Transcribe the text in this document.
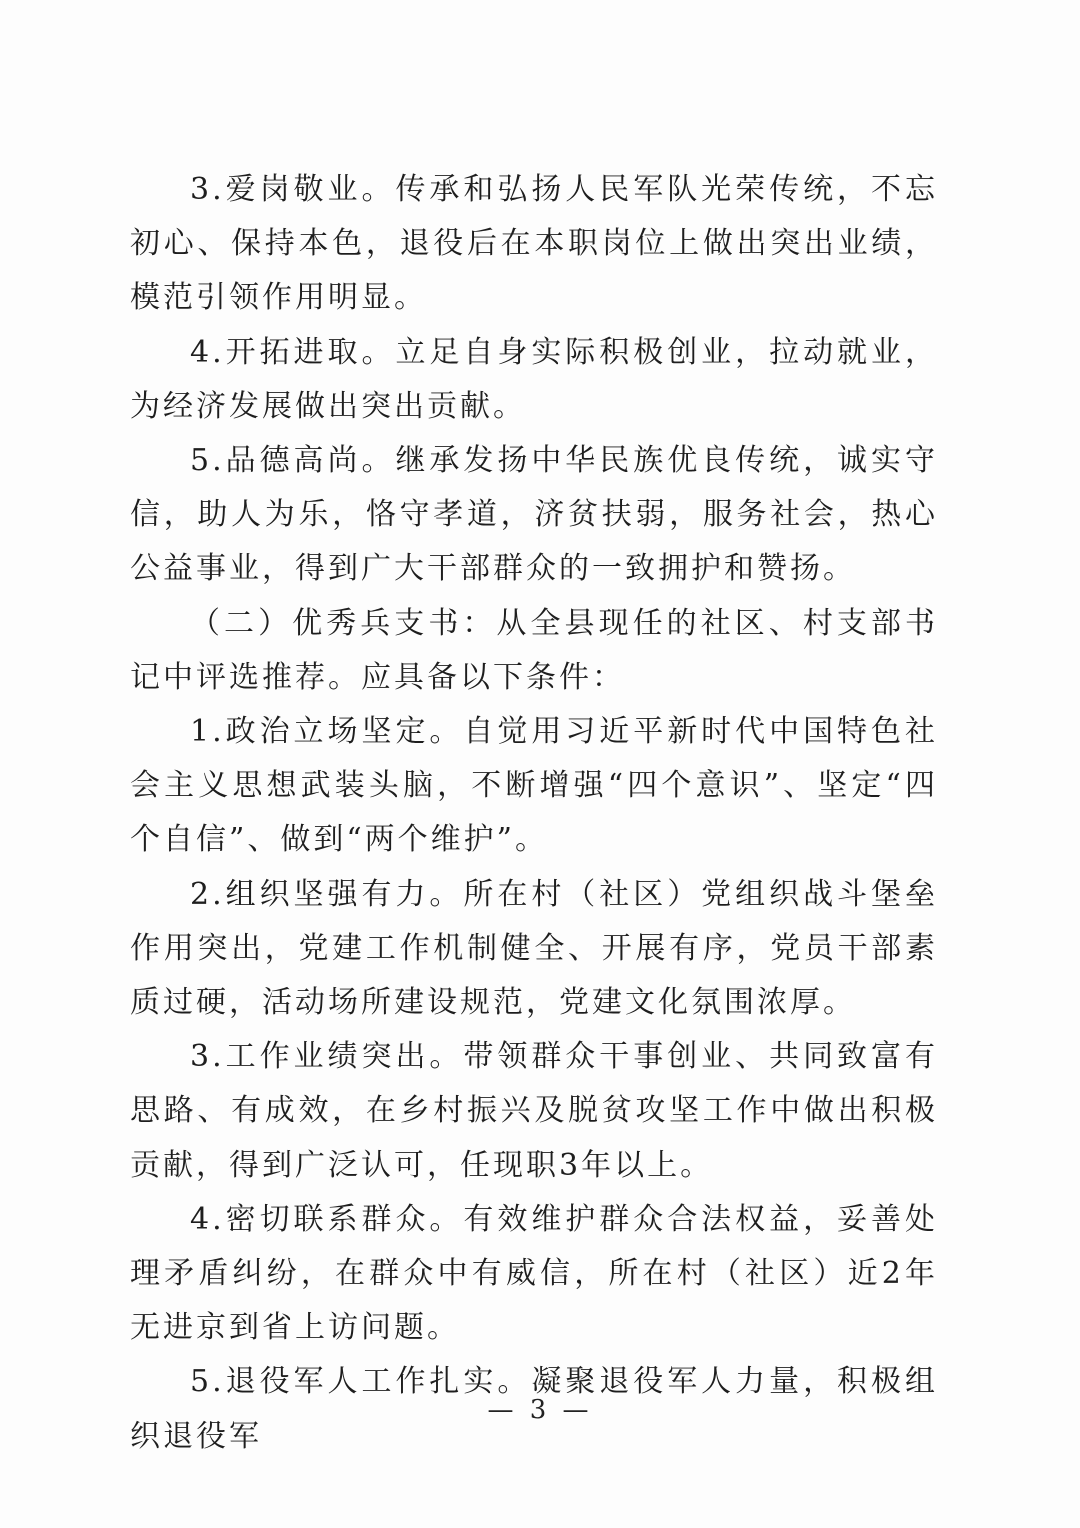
3.爱岗敬业。传承和弘扬人民军队光荣传统，不忘初心、保持本色，退役后在本职岗位上做出突出业绩，模范引领作用明显。

4.开拓进取。立足自身实际积极创业，拉动就业，为经济发展做出突出贡献。

5.品德高尚。继承发扬中华民族优良传统，诚实守信，助人为乐，恪守孝道，济贫扶弱，服务社会，热心公益事业，得到广大干部群众的一致拥护和赞扬。

（二）优秀兵支书：从全县现任的社区、村支部书记中评选推荐。应具备以下条件：

1.政治立场坚定。自觉用习近平新时代中国特色社会主义思想武装头脑，不断增强“四个意识”、坚定“四个自信”、做到“两个维护”。

2.组织坚强有力。所在村（社区）党组织战斗堡垒作用突出，党建工作机制健全、开展有序，党员干部素质过硬，活动场所建设规范，党建文化氛围浓厚。

3.工作业绩突出。带领群众干事创业、共同致富有思路、有成效，在乡村振兴及脱贫攻坚工作中做出积极贡献，得到广泛认可，任现职3年以上。

4.密切联系群众。有效维护群众合法权益，妥善处理矛盾纠纷，在群众中有威信，所在村（社区）近2年无进京到省上访问题。

5.退役军人工作扎实。凝聚退役军人力量，积极组织退役军

— 3 —
